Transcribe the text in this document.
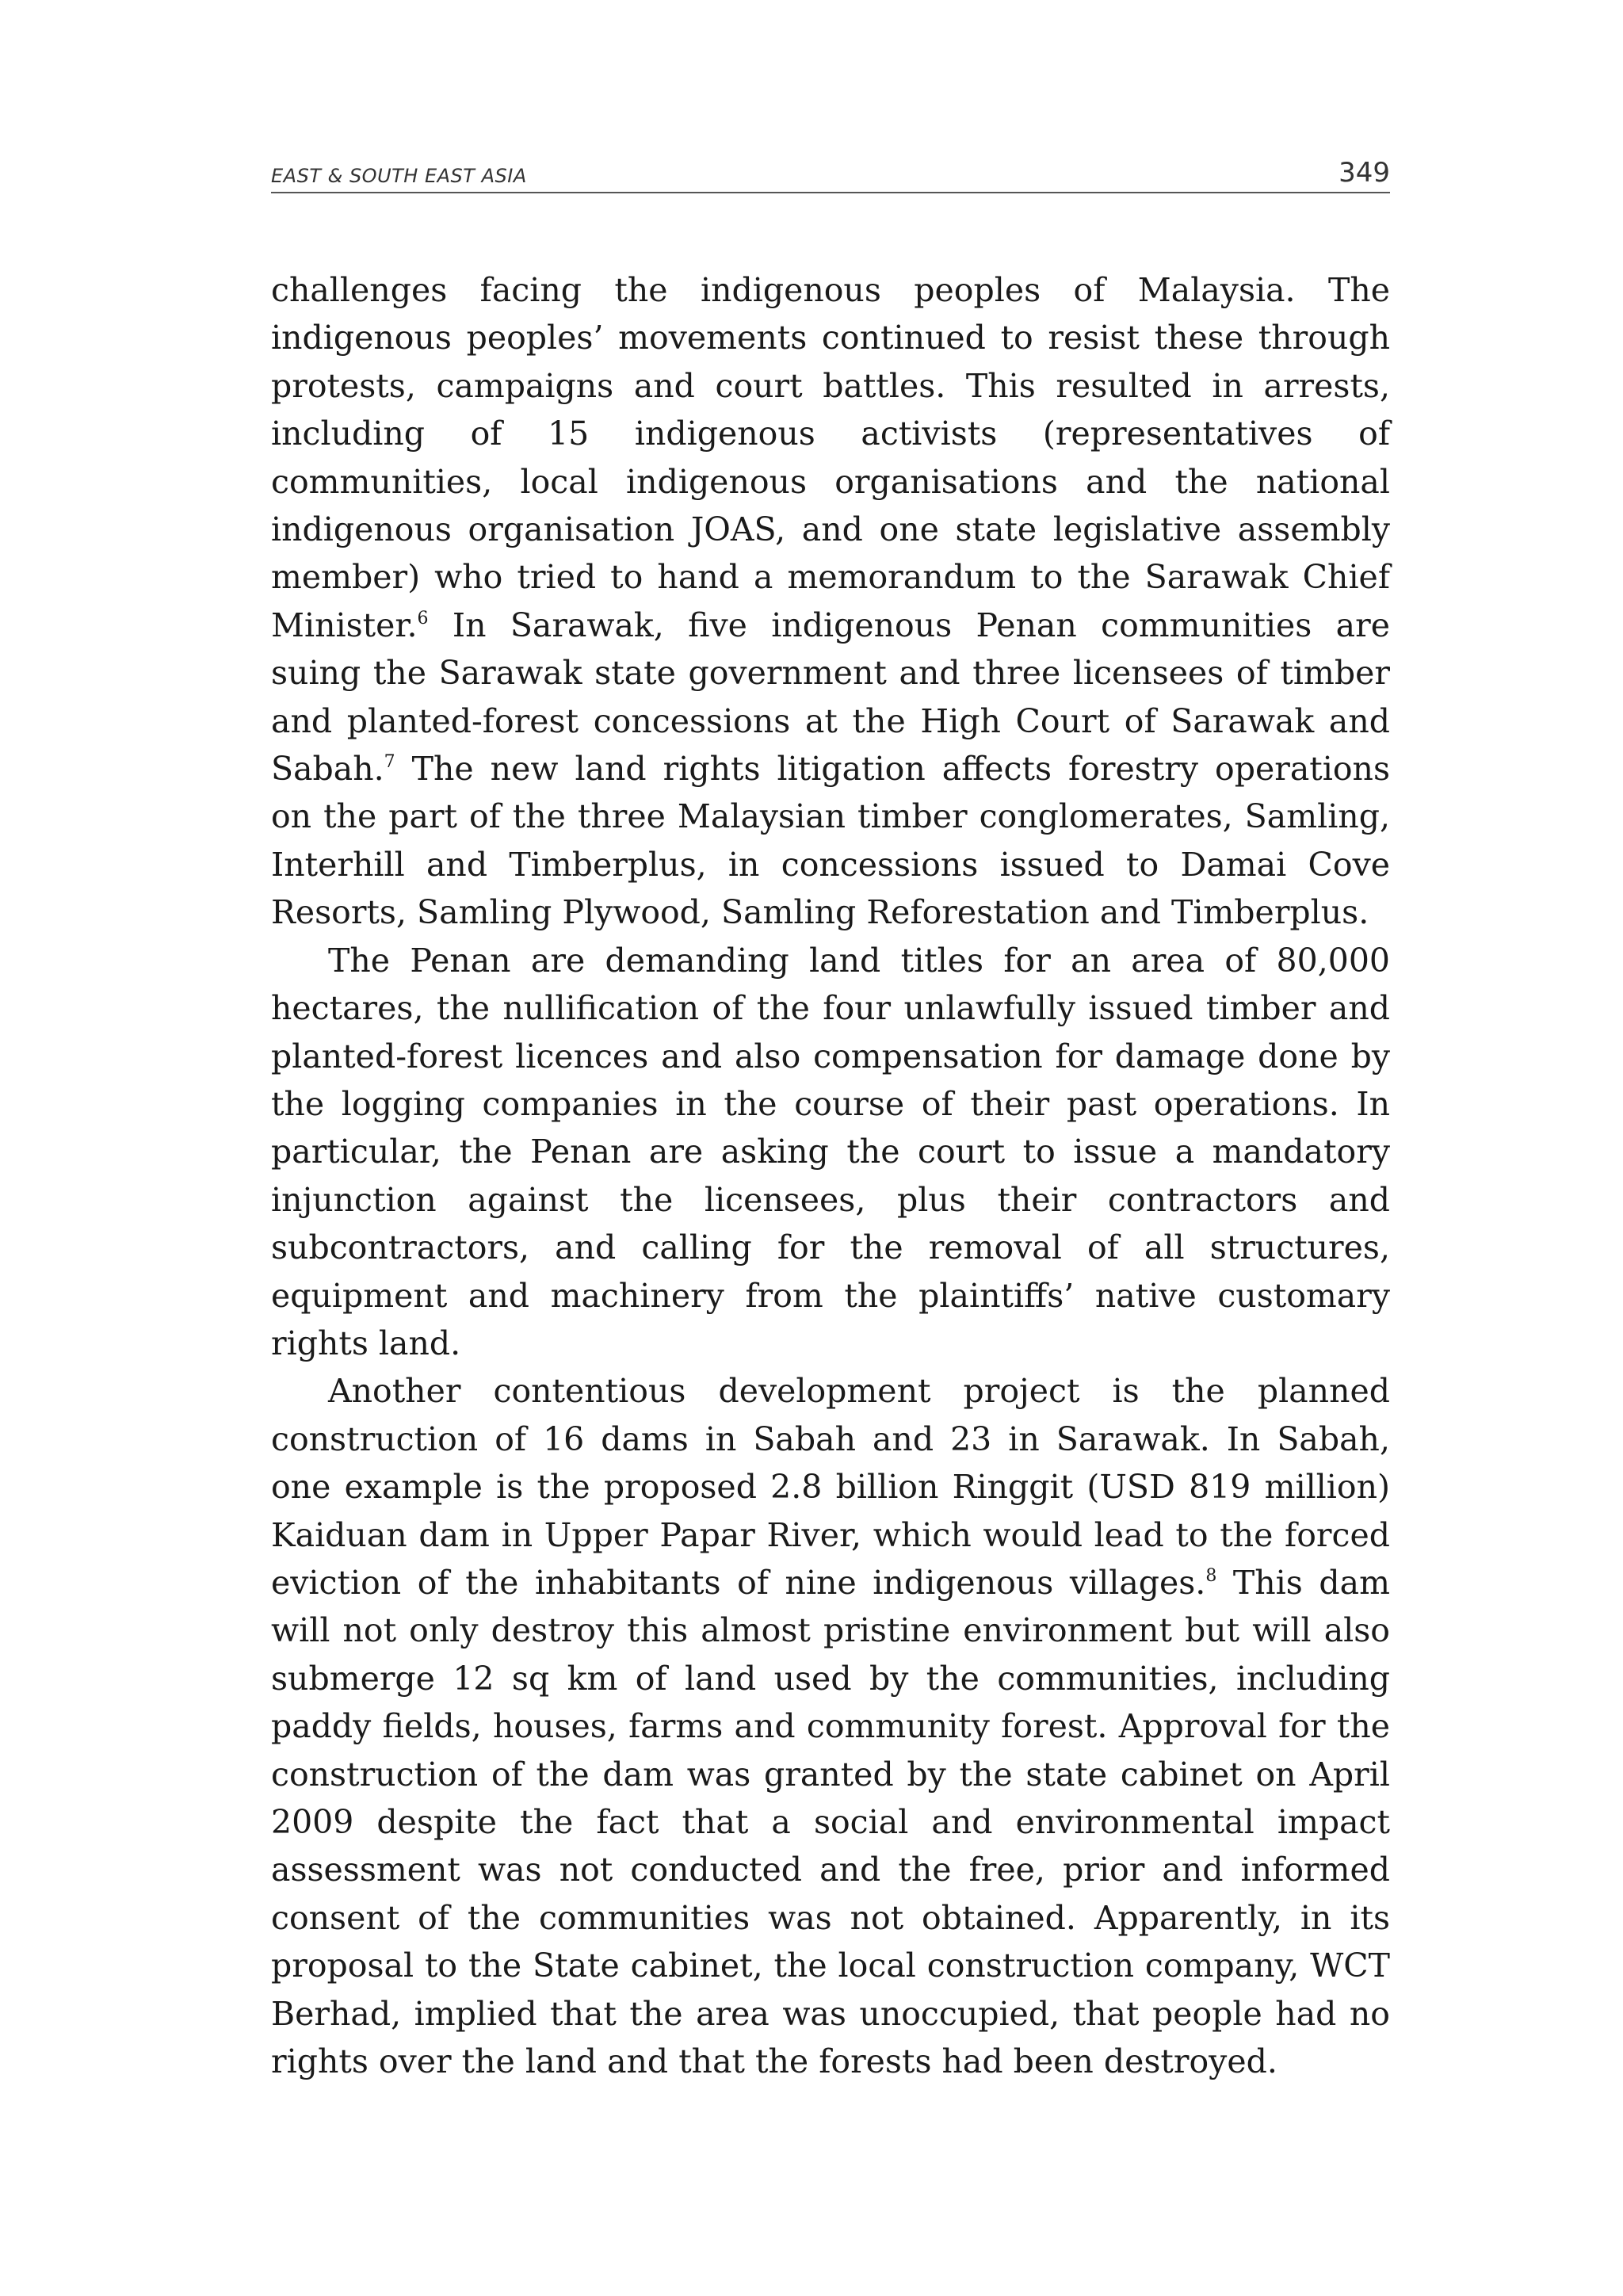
EAST & SOUTH EAST ASIA	349

challenges facing the indigenous peoples of Malaysia. The indigenous peoples’ movements continued to resist these through protests, campaigns and court battles. This resulted in arrests, including of 15 indigenous activists (representatives of communities, local indigenous organisations and the national indigenous organisation JOAS, and one state legislative assembly member) who tried to hand a memorandum to the Sarawak Chief Minister.$^6$ In Sarawak, five indigenous Penan communities are suing the Sarawak state government and three licensees of timber and planted-forest concessions at the High Court of Sarawak and Sabah.$^7$ The new land rights litigation affects forestry operations on the part of the three Malaysian timber conglomerates, Samling, Interhill and Timberplus, in concessions issued to Damai Cove Resorts, Samling Plywood, Samling Reforestation and Timberplus.

The Penan are demanding land titles for an area of 80,000 hectares, the nullification of the four unlawfully issued timber and planted-forest licences and also compensation for damage done by the logging companies in the course of their past operations. In particular, the Penan are asking the court to issue a mandatory injunction against the licensees, plus their contractors and subcontractors, and calling for the removal of all structures, equipment and machinery from the plaintiffs’ native customary rights land.

Another contentious development project is the planned construction of 16 dams in Sabah and 23 in Sarawak. In Sabah, one example is the proposed 2.8 billion Ringgit (USD 819 million) Kaiduan dam in Upper Papar River, which would lead to the forced eviction of the inhabitants of nine indigenous villages.$^8$ This dam will not only destroy this almost pristine environment but will also submerge 12 sq km of land used by the communities, including paddy fields, houses, farms and community forest. Approval for the construction of the dam was granted by the state cabinet on April 2009 despite the fact that a social and environmental impact assessment was not conducted and the free, prior and informed consent of the communities was not obtained. Apparently, in its proposal to the State cabinet, the local construction company, WCT Berhad, implied that the area was unoccupied, that people had no rights over the land and that the forests had been destroyed.
